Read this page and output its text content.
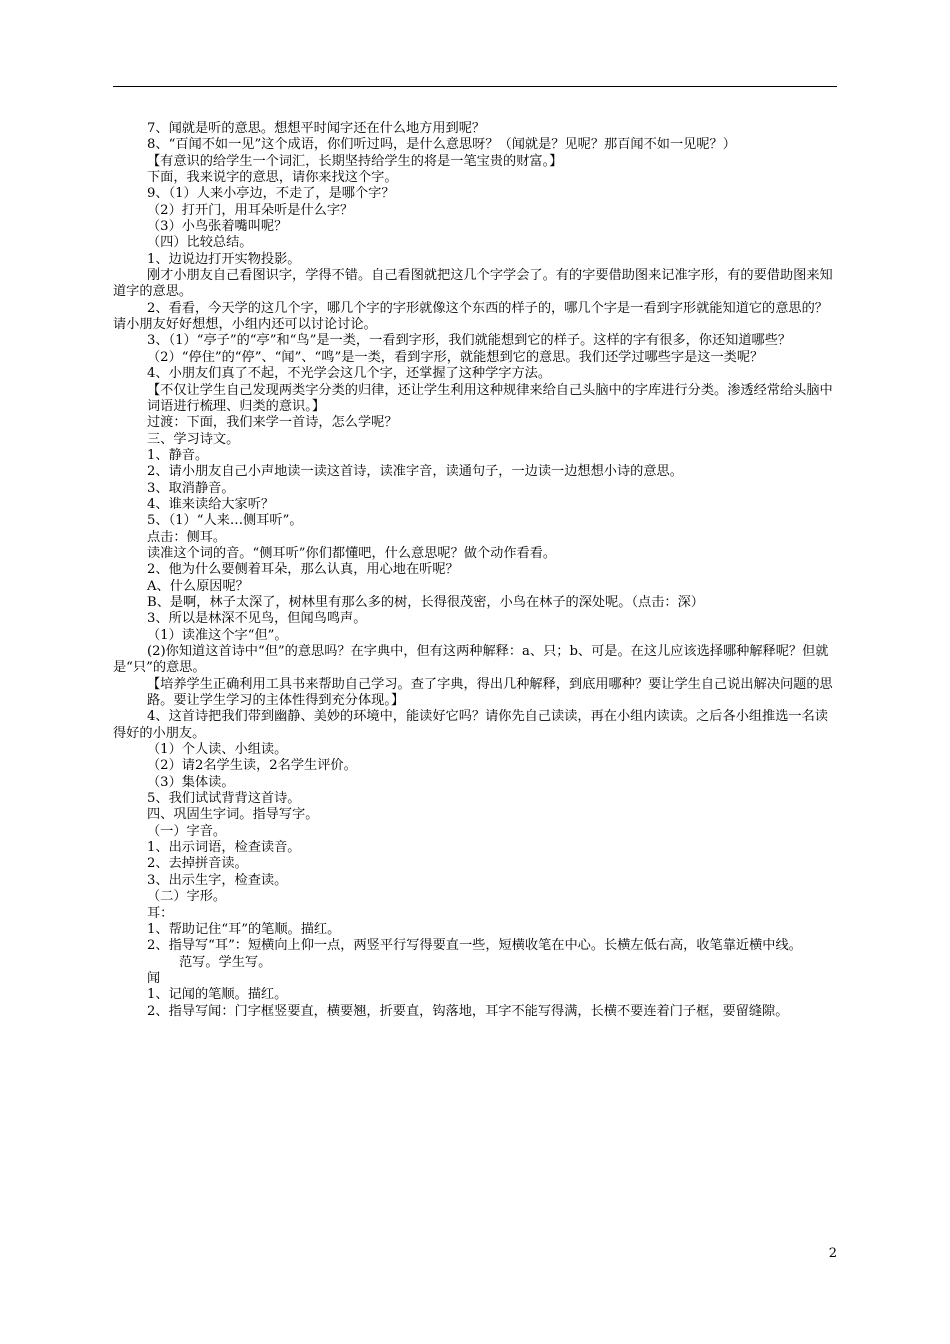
7、闻就是听的意思。想想平时闻字还在什么地方用到呢？

8、“百闻不如一见”这个成语，你们听过吗，是什么意思呀？（闻就是？见呢？那百闻不如一见呢？）

【有意识的给学生一个词汇，长期坚持给学生的将是一笔宝贵的财富。】

下面，我来说字的意思，请你来找这个字。

9、（1）人来小亭边，不走了，是哪个字？

（2）打开门，用耳朵听是什么字？

（3）小鸟张着嘴叫呢？

（四）比较总结。

1、边说边打开实物投影。

刚才小朋友自己看图识字，学得不错。自己看图就把这几个字学会了。有的字要借助图来记准字形，有的要借助图来知道字的意思。

2、看看，今天学的这几个字，哪几个字的字形就像这个东西的样子的，哪几个字是一看到字形就能知道它的意思的？请小朋友好好想想，小组内还可以讨论讨论。

3、（1）“亭子”的“亭”和“鸟”是一类，一看到字形，我们就能想到它的样子。这样的字有很多，你还知道哪些？

（2）“停住”的“停”、“闻”、“鸣”是一类，看到字形，就能想到它的意思。我们还学过哪些字是这一类呢？

4、小朋友们真了不起，不光学会这几个字，还掌握了这种学字方法。

【不仅让学生自己发现两类字分类的归律，还让学生利用这种规律来给自己头脑中的字库进行分类。渗透经常给头脑中词语进行梳理、归类的意识。】

过渡：下面，我们来学一首诗，怎么学呢？

三、学习诗文。

1、静音。

2、请小朋友自己小声地读一读这首诗，读准字音，读通句子，一边读一边想想小诗的意思。

3、取消静音。

4、谁来读给大家听？

5、（1）“人来…侧耳听”。

点击：侧耳。

读准这个词的音。“侧耳听”你们都懂吧，什么意思呢？做个动作看看。

2、他为什么要侧着耳朵，那么认真，用心地在听呢？

A、什么原因呢？

B、是啊，林子太深了，树林里有那么多的树，长得很茂密，小鸟在林子的深处呢。（点击：深）

3、所以是林深不见鸟，但闻鸟鸣声。

（1）读准这个字“但”。

(2)你知道这首诗中“但”的意思吗？在字典中，但有这两种解释：a、只；b、可是。在这儿应该选择哪种解释呢？但就是“只”的意思。

【培养学生正确利用工具书来帮助自己学习。查了字典，得出几种解释，到底用哪种？要让学生自己说出解决问题的思路。要让学生学习的主体性得到充分体现。】

4、这首诗把我们带到幽静、美妙的环境中，能读好它吗？请你先自己读读，再在小组内读读。之后各小组推选一名读得好的小朋友。

（1）个人读、小组读。

（2）请2名学生读，2名学生评价。

（3）集体读。

5、我们试试背背这首诗。

四、巩固生字词。指导写字。

（一）字音。

1、出示词语，检查读音。

2、去掉拼音读。

3、出示生字，检查读。

（二）字形。

耳：

1、帮助记住“耳”的笔顺。描红。

2、指导写“耳”：短横向上仰一点，两竖平行写得要直一些，短横收笔在中心。长横左低右高，收笔靠近横中线。

范写。学生写。

闻

1、记闻的笔顺。描红。

2、指导写闻：门字框竖要直，横要翘，折要直，钩落地，耳字不能写得满，长横不要连着门子框，要留缝隙。

2
